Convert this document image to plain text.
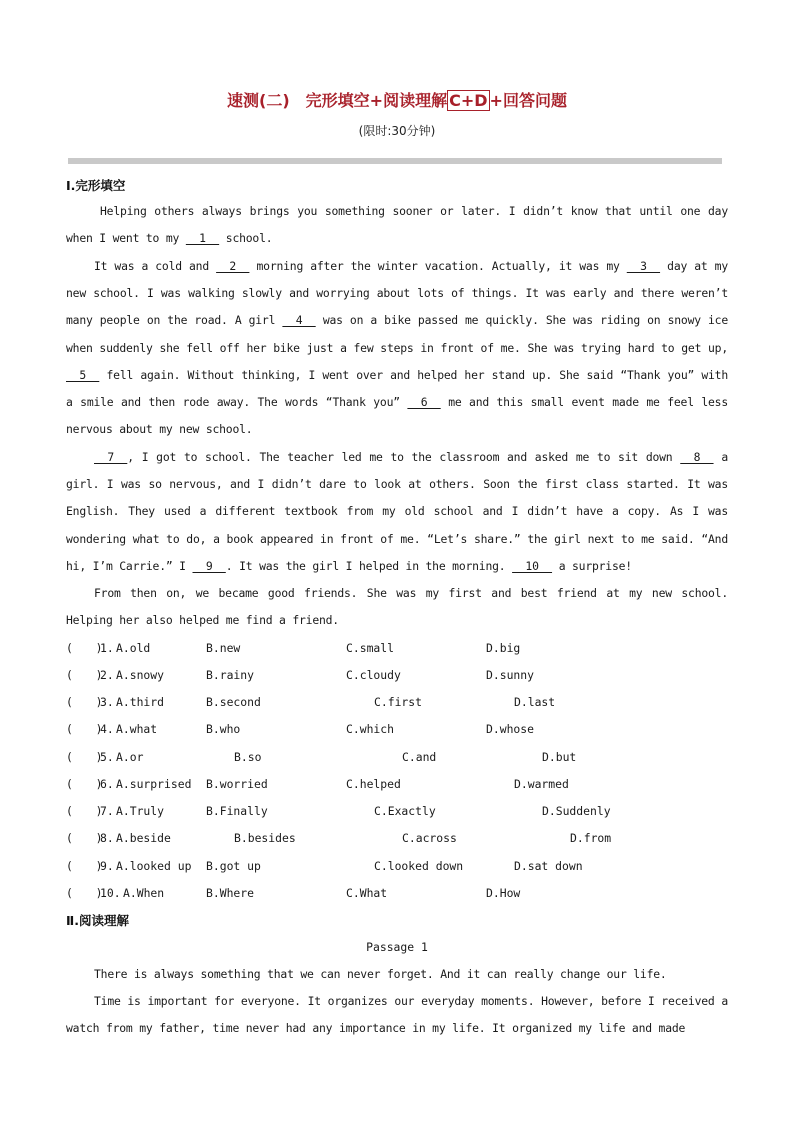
速测(二)　完形填空+阅读理解 C+D +回答问题
(限时:30分钟)
Ⅰ.完形填空
Helping others always brings you something sooner or later. I didn’t know that until one day when I went to my   1   school.
It was a cold and   2   morning after the winter vacation. Actually, it was my   3   day at my new school. I was walking slowly and worrying about lots of things. It was early and there weren’t many people on the road. A girl   4   was on a bike passed me quickly. She was riding on snowy ice when suddenly she fell off her bike just a few steps in front of me. She was trying hard to get up,   5   fell again. Without thinking, I went over and helped her stand up. She said “Thank you” with a smile and then rode away. The words “Thank you”   6   me and this small event made me feel less nervous about my new school.
7  , I got to school. The teacher led me to the classroom and asked me to sit down   8   a girl. I was so nervous, and I didn’t dare to look at others. Soon the first class started. It was English. They used a different textbook from my old school and I didn’t have a copy. As I was wondering what to do, a book appeared in front of me. “Let’s share.” the girl next to me said. “And hi, I’m Carrie.” I   9  . It was the girl I helped in the morning.   10   a surprise!
From then on, we became good friends. She was my first and best friend at my new school. Helping her also helped me find a friend.
(　　)
1. A.old	B.new	C.small	D.big
(　　)
2. A.snowy	B.rainy	C.cloudy	D.sunny
(　　)
3. A.third	B.second	C.first	D.last
(　　)
4. A.what	B.who	C.which	D.whose
(　　)
5. A.or	B.so	C.and	D.but
(　　)
6. A.surprised B.worried	C.helped	D.warmed
(　　)
7. A.Truly	B.Finally	C.Exactly	D.Suddenly
(　　)
8. A.beside	B.besides	C.across	D.from
(　　)
9. A.looked up B.got up	C.looked down	D.sat down
(　　)
10. A.When	B.Where	C.What	D.How
Ⅱ.阅读理解
Passage 1
There is always something that we can never forget. And it can really change our life.
Time is important for everyone. It organizes our everyday moments. However, before I received a watch from my father, time never had any importance in my life. It organized my life and made
